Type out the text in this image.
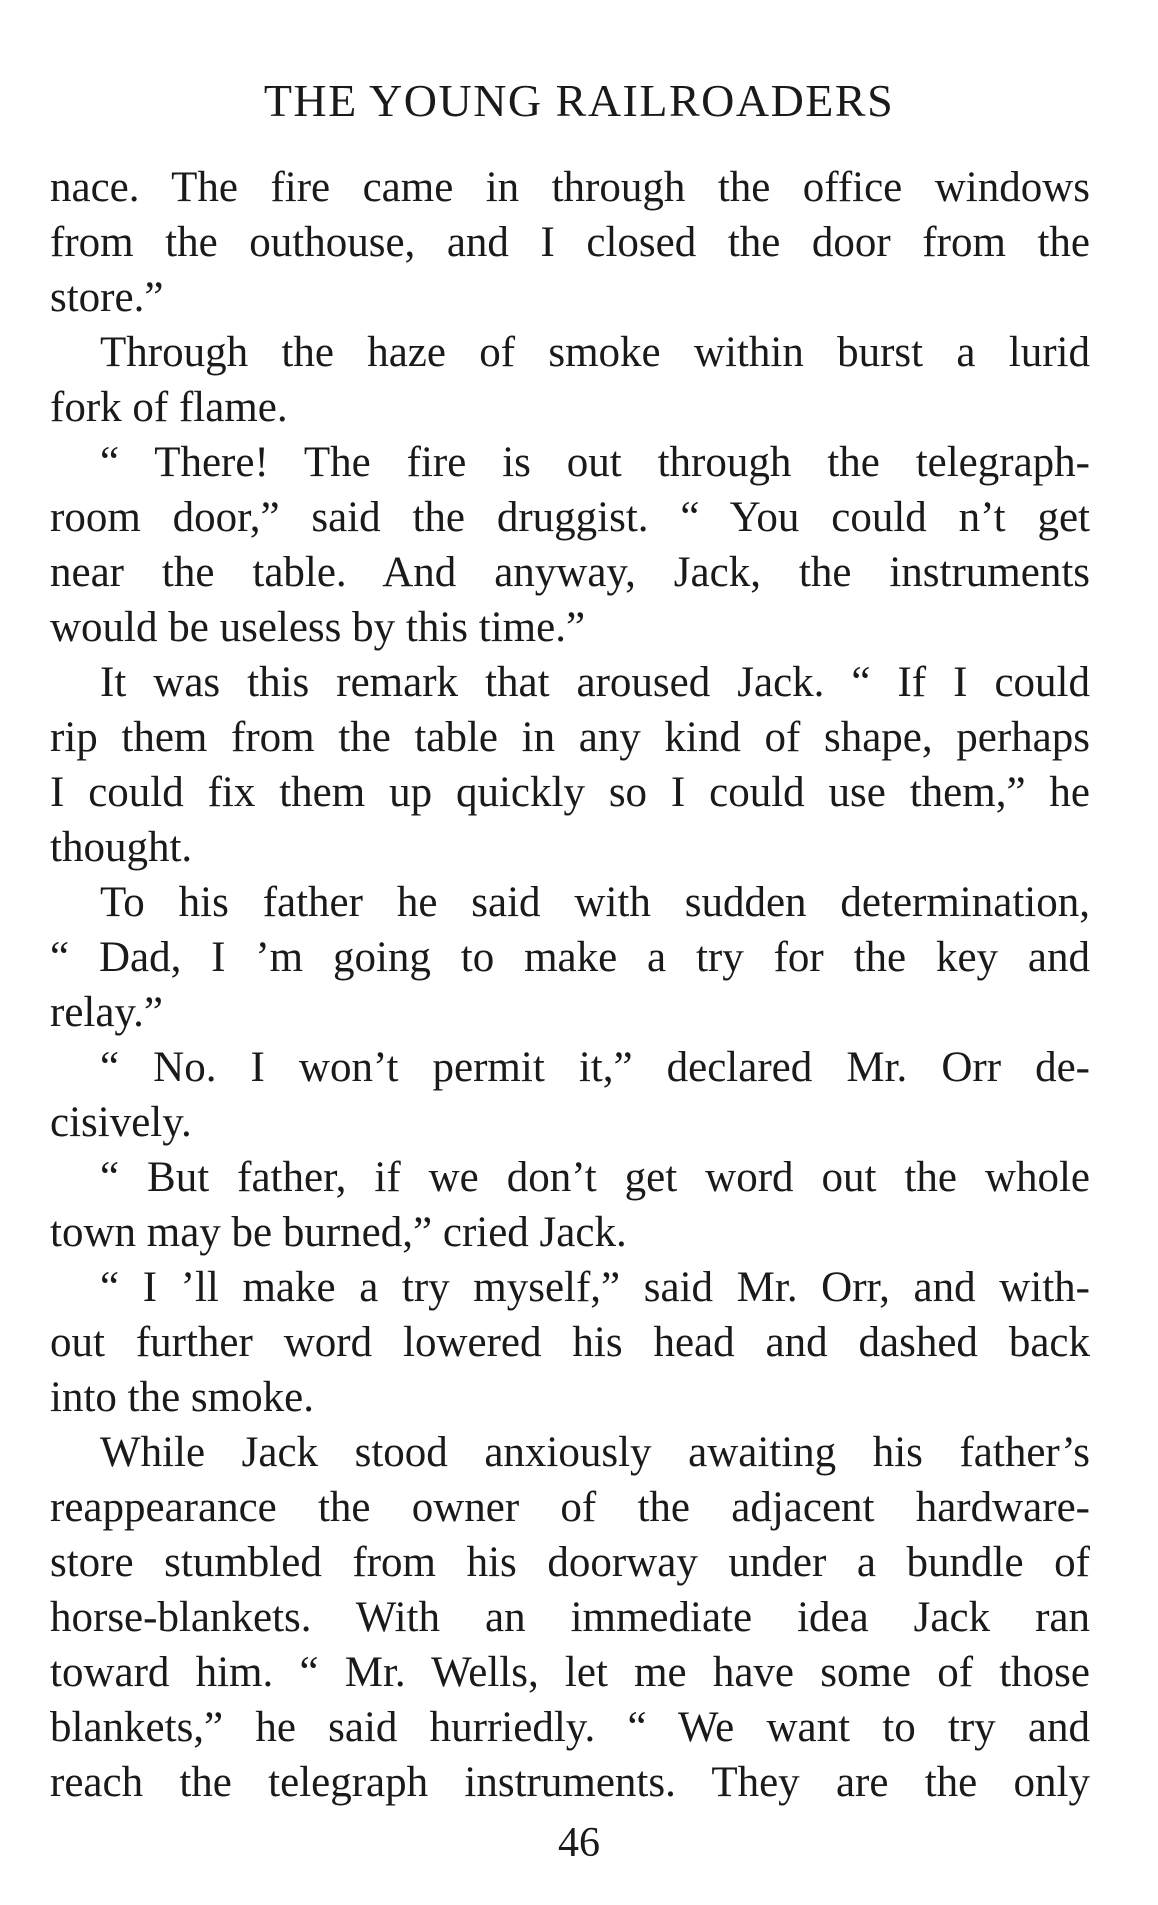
THE YOUNG RAILROADERS
nace. The fire came in through the office windows
from the outhouse, and I closed the door from the
store.”
Through the haze of smoke within burst a lurid
fork of flame.
“ There! The fire is out through the telegraph-
room door,” said the druggist. “ You could n’t get
near the table. And anyway, Jack, the instruments
would be useless by this time.”
It was this remark that aroused Jack. “ If I could
rip them from the table in any kind of shape, perhaps
I could fix them up quickly so I could use them,” he
thought.
To his father he said with sudden determination,
“ Dad, I ’m going to make a try for the key and
relay.”
“ No. I won’t permit it,” declared Mr. Orr de-
cisively.
“ But father, if we don’t get word out the whole
town may be burned,” cried Jack.
“ I ’ll make a try myself,” said Mr. Orr, and with-
out further word lowered his head and dashed back
into the smoke.
While Jack stood anxiously awaiting his father’s
reappearance the owner of the adjacent hardware-
store stumbled from his doorway under a bundle of
horse-blankets. With an immediate idea Jack ran
toward him. “ Mr. Wells, let me have some of those
blankets,” he said hurriedly. “ We want to try and
reach the telegraph instruments. They are the only
46
